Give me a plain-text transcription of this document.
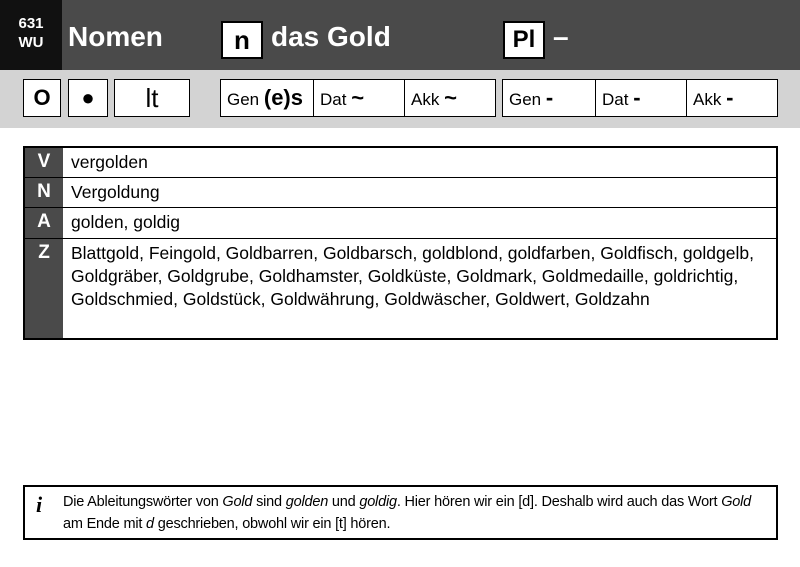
631
WU Nomen	n das Gold	Pl –
O	●	lt	Gen (e)s	Dat ~	Akk ~	Gen -	Dat -	Akk -
V	vergolden
N	Vergoldung
A	golden, goldig
Z	Blattgold, Feingold, Goldbarren, Goldbarsch, goldblond, goldfarben, Goldfisch, goldgelb, Goldgräber, Goldgrube, Goldhamster, Goldküste, Goldmark, Goldmedaille, goldrichtig, Goldschmied, Goldstück, Goldwährung, Goldwäscher, Goldwert, Goldzahn
i Die Ableitungswörter von Gold sind golden und goldig. Hier hören wir ein [d]. Deshalb wird auch das Wort Gold am Ende mit d geschrieben, obwohl wir ein [t] hören.
